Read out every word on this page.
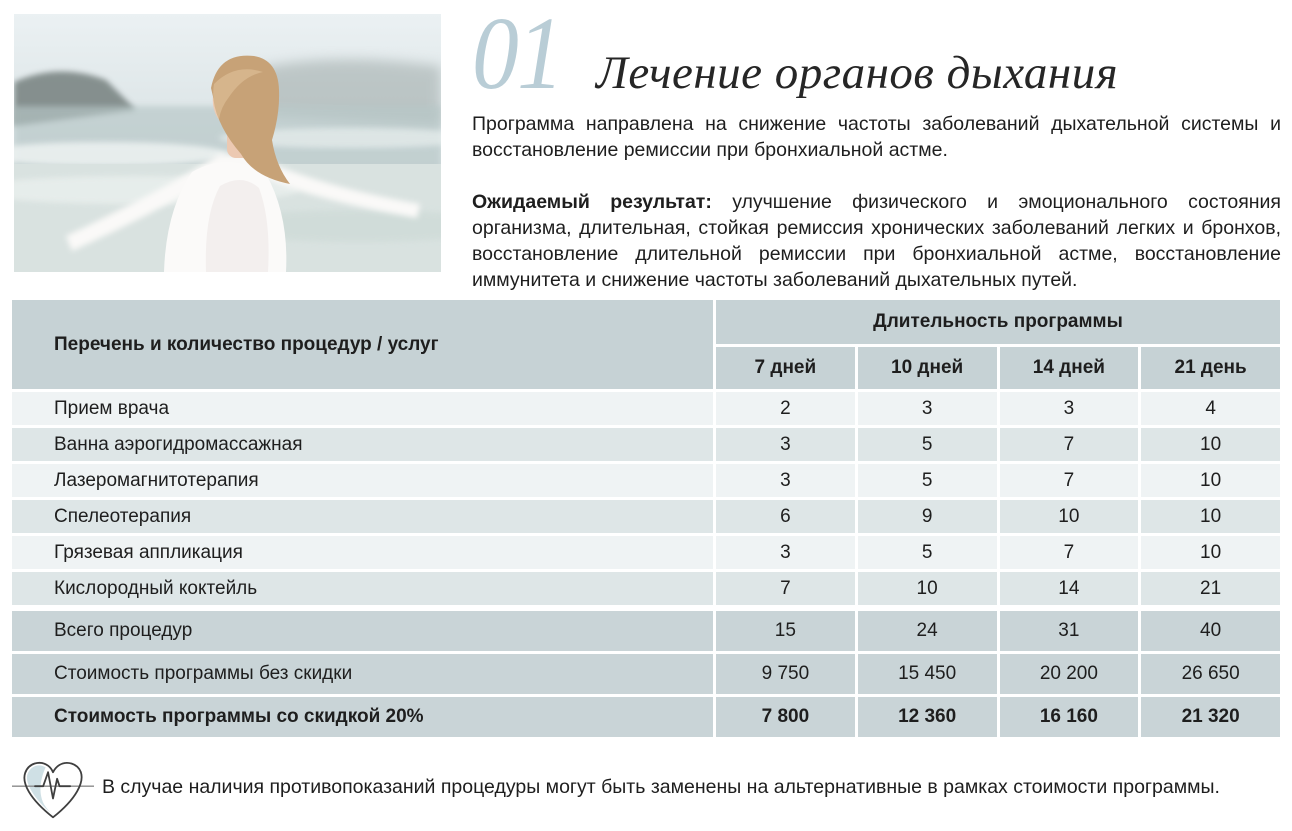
01 Лечение органов дыхания

Программа направлена на снижение частоты заболеваний дыхательной системы и восстановление ремиссии при бронхиальной астме.

Ожидаемый результат: улучшение физического и эмоционального состояния организма, длительная, стойкая ремиссия хронических заболеваний легких и бронхов, восстановление длительной ремиссии при бронхиальной астме, восстановление иммунитета и снижение частоты заболеваний дыхательных путей.

Перечень и количество процедур / услуг
Длительность программы
7 дней	10 дней	14 дней	21 день
Прием врача	2	3	3	4
Ванна аэрогидромассажная	3	5	7	10
Лазеромагнитотерапия	3	5	7	10
Спелеотерапия	6	9	10	10
Грязевая аппликация	3	5	7	10
Кислородный коктейль	7	10	14	21
Всего процедур	15	24	31	40
Стоимость программы без скидки	9 750	15 450	20 200	26 650
Стоимость программы со скидкой 20%	7 800	12 360	16 160	21 320
В случае наличия противопоказаний процедуры могут быть заменены на альтернативные в рамках стоимости программы.
